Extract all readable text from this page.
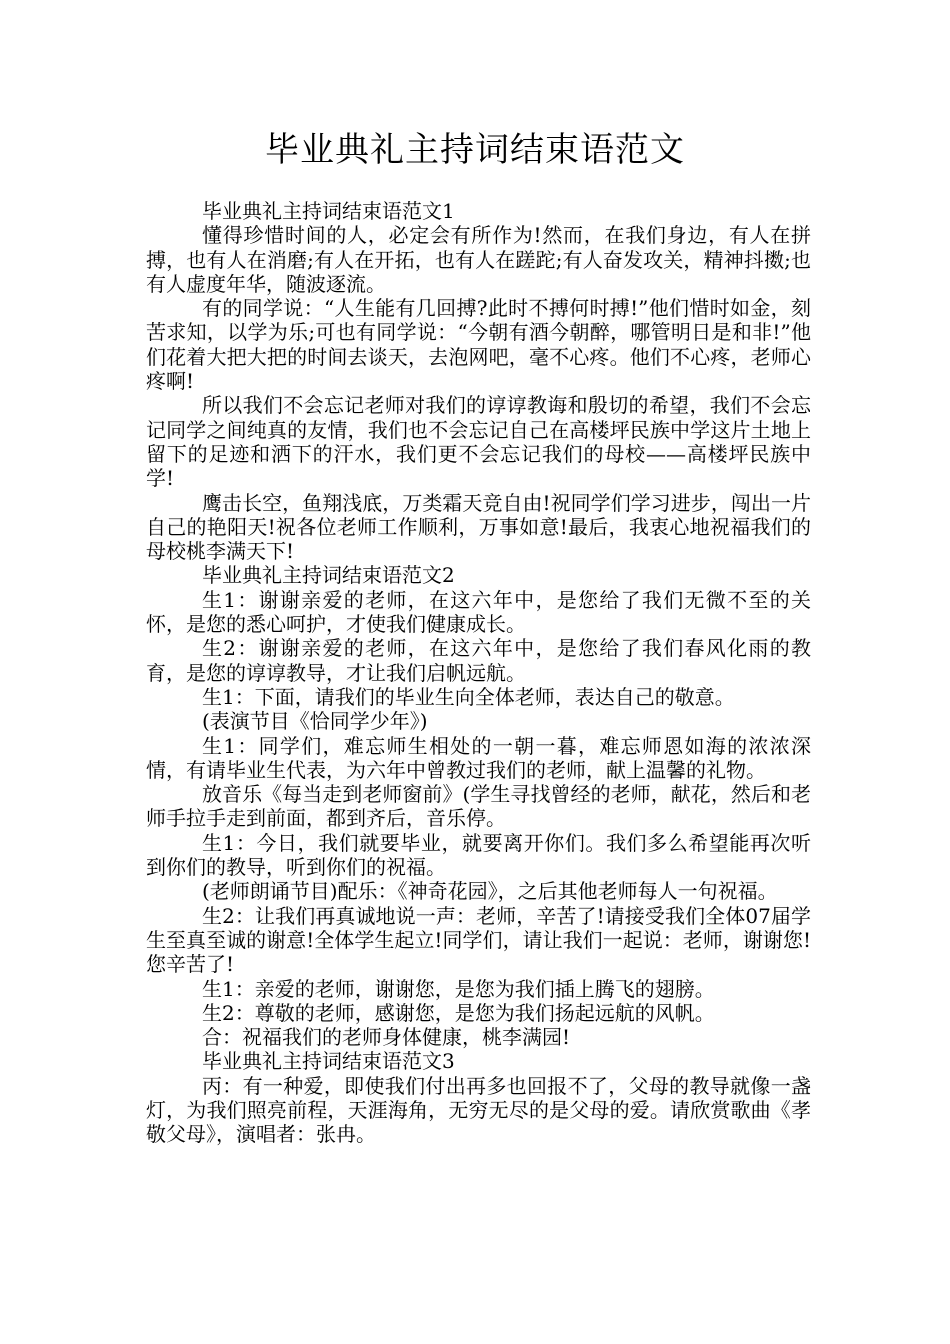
毕业典礼主持词结束语范文

毕业典礼主持词结束语范文1

懂得珍惜时间的人，必定会有所作为!然而，在我们身边，有人在拼搏，也有人在消磨;有人在开拓，也有人在蹉跎;有人奋发攻关，精神抖擞;也有人虚度年华，随波逐流。

有的同学说：“人生能有几回搏?此时不搏何时搏!”他们惜时如金，刻苦求知，以学为乐;可也有同学说：“今朝有酒今朝醉，哪管明日是和非!”他们花着大把大把的时间去谈天，去泡网吧，毫不心疼。他们不心疼，老师心疼啊!

所以我们不会忘记老师对我们的谆谆教诲和殷切的希望，我们不会忘记同学之间纯真的友情，我们也不会忘记自己在高楼坪民族中学这片土地上留下的足迹和洒下的汗水，我们更不会忘记我们的母校——高楼坪民族中学!

鹰击长空，鱼翔浅底，万类霜天竞自由!祝同学们学习进步，闯出一片自己的艳阳天!祝各位老师工作顺利，万事如意!最后，我衷心地祝福我们的母校桃李满天下!

毕业典礼主持词结束语范文2

生1：谢谢亲爱的老师，在这六年中，是您给了我们无微不至的关怀，是您的悉心呵护，才使我们健康成长。

生2：谢谢亲爱的老师，在这六年中，是您给了我们春风化雨的教育，是您的谆谆教导，才让我们启帆远航。

生1：下面，请我们的毕业生向全体老师，表达自己的敬意。

(表演节目《恰同学少年》)

生1：同学们，难忘师生相处的一朝一暮，难忘师恩如海的浓浓深情，有请毕业生代表，为六年中曾教过我们的老师，献上温馨的礼物。

放音乐《每当走到老师窗前》(学生寻找曾经的老师，献花，然后和老师手拉手走到前面，都到齐后，音乐停。

生1：今日，我们就要毕业，就要离开你们。我们多么希望能再次听到你们的教导，听到你们的祝福。

(老师朗诵节目)配乐：《神奇花园》，之后其他老师每人一句祝福。

生2：让我们再真诚地说一声：老师，辛苦了!请接受我们全体07届学生至真至诚的谢意!全体学生起立!同学们，请让我们一起说：老师，谢谢您!您辛苦了!

生1：亲爱的老师，谢谢您，是您为我们插上腾飞的翅膀。

生2：尊敬的老师，感谢您，是您为我们扬起远航的风帆。

合：祝福我们的老师身体健康，桃李满园!

毕业典礼主持词结束语范文3

丙：有一种爱，即使我们付出再多也回报不了，父母的教导就像一盏灯，为我们照亮前程，天涯海角，无穷无尽的是父母的爱。请欣赏歌曲《孝敬父母》，演唱者：张冉。
